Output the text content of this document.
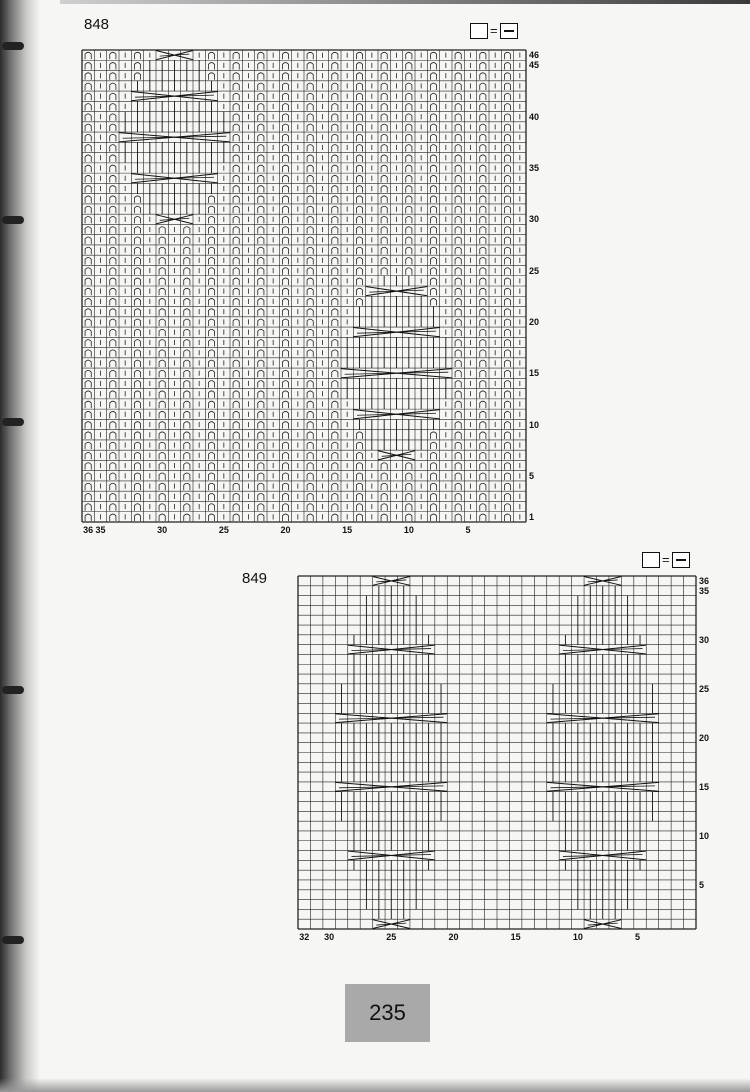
848	=
46
45
40
35
30
25
20
15
10
5
1
36 35	30	25	20	15	10	5
849
=
36
35
30
25
20
15
10
5
32 30	25	20	15	10	5
235
